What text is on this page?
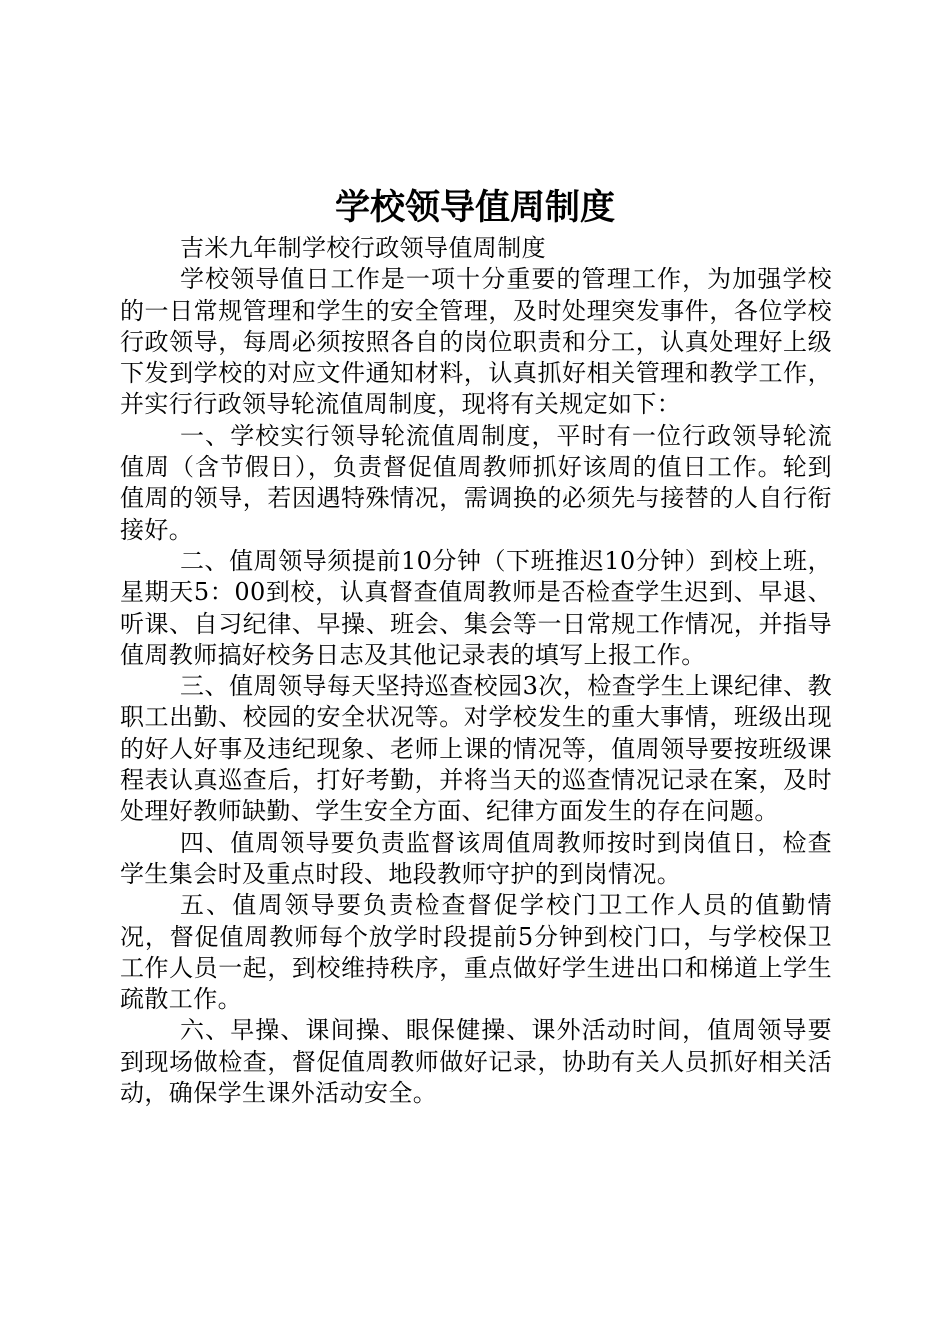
学校领导值周制度

吉米九年制学校行政领导值周制度

学校领导值日工作是一项十分重要的管理工作，为加强学校的一日常规管理和学生的安全管理，及时处理突发事件，各位学校行政领导，每周必须按照各自的岗位职责和分工，认真处理好上级下发到学校的对应文件通知材料，认真抓好相关管理和教学工作，并实行行政领导轮流值周制度，现将有关规定如下：

一、学校实行领导轮流值周制度，平时有一位行政领导轮流值周（含节假日），负责督促值周教师抓好该周的值日工作。轮到值周的领导，若因遇特殊情况，需调换的必须先与接替的人自行衔接好。

二、值周领导须提前10分钟（下班推迟10分钟）到校上班，星期天5：00到校，认真督查值周教师是否检查学生迟到、早退、听课、自习纪律、早操、班会、集会等一日常规工作情况，并指导值周教师搞好校务日志及其他记录表的填写上报工作。

三、值周领导每天坚持巡查校园3次，检查学生上课纪律、教职工出勤、校园的安全状况等。对学校发生的重大事情，班级出现的好人好事及违纪现象、老师上课的情况等，值周领导要按班级课程表认真巡查后，打好考勤，并将当天的巡查情况记录在案，及时处理好教师缺勤、学生安全方面、纪律方面发生的存在问题。

四、值周领导要负责监督该周值周教师按时到岗值日，检查学生集会时及重点时段、地段教师守护的到岗情况。

五、值周领导要负责检查督促学校门卫工作人员的值勤情况，督促值周教师每个放学时段提前5分钟到校门口，与学校保卫工作人员一起，到校维持秩序，重点做好学生进出口和梯道上学生疏散工作。

六、早操、课间操、眼保健操、课外活动时间，值周领导要到现场做检查，督促值周教师做好记录，协助有关人员抓好相关活动，确保学生课外活动安全。
